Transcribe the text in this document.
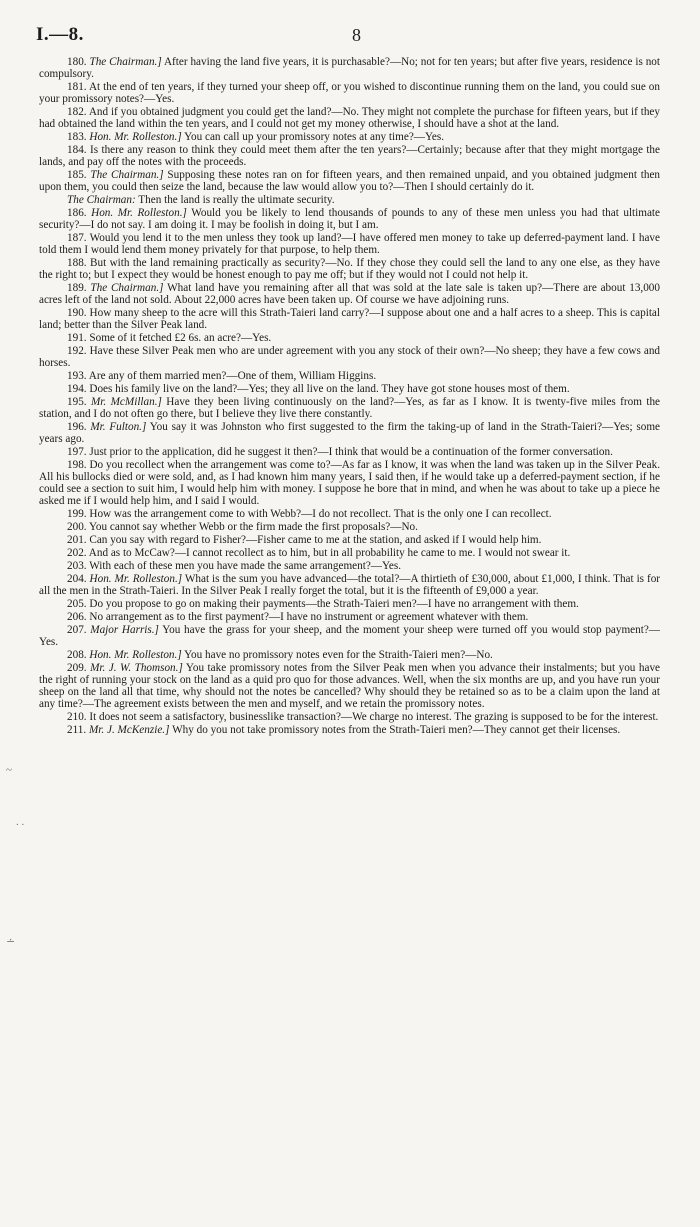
I.—8.	8
~
. .
∸

180. The Chairman.] After having the land five years, it is purchasable?—No; not for ten years; but after five years, residence is not compulsory.

181. At the end of ten years, if they turned your sheep off, or you wished to discontinue running them on the land, you could sue on your promissory notes?—Yes.

182. And if you obtained judgment you could get the land?—No. They might not complete the purchase for fifteen years, but if they had obtained the land within the ten years, and I could not get my money otherwise, I should have a shot at the land.

183. Hon. Mr. Rolleston.] You can call up your promissory notes at any time?—Yes.

184. Is there any reason to think they could meet them after the ten years?—Certainly; because after that they might mortgage the lands, and pay off the notes with the proceeds.

185. The Chairman.] Supposing these notes ran on for fifteen years, and then remained unpaid, and you obtained judgment then upon them, you could then seize the land, because the law would allow you to?—Then I should certainly do it.

The Chairman: Then the land is really the ultimate security.

186. Hon. Mr. Rolleston.] Would you be likely to lend thousands of pounds to any of these men unless you had that ultimate security?—I do not say. I am doing it. I may be foolish in doing it, but I am.

187. Would you lend it to the men unless they took up land?—I have offered men money to take up deferred-payment land. I have told them I would lend them money privately for that purpose, to help them.

188. But with the land remaining practically as security?—No. If they chose they could sell the land to any one else, as they have the right to; but I expect they would be honest enough to pay me off; but if they would not I could not help it.

189. The Chairman.] What land have you remaining after all that was sold at the late sale is taken up?—There are about 13,000 acres left of the land not sold. About 22,000 acres have been taken up. Of course we have adjoining runs.

190. How many sheep to the acre will this Strath-Taieri land carry?—I suppose about one and a half acres to a sheep. This is capital land; better than the Silver Peak land.

191. Some of it fetched £2 6s. an acre?—Yes.

192. Have these Silver Peak men who are under agreement with you any stock of their own?—No sheep; they have a few cows and horses.

193. Are any of them married men?—One of them, William Higgins.

194. Does his family live on the land?—Yes; they all live on the land. They have got stone houses most of them.

195. Mr. McMillan.] Have they been living continuously on the land?—Yes, as far as I know. It is twenty-five miles from the station, and I do not often go there, but I believe they live there constantly.

196. Mr. Fulton.] You say it was Johnston who first suggested to the firm the taking-up of land in the Strath-Taieri?—Yes; some years ago.

197. Just prior to the application, did he suggest it then?—I think that would be a continuation of the former conversation.

198. Do you recollect when the arrangement was come to?—As far as I know, it was when the land was taken up in the Silver Peak. All his bullocks died or were sold, and, as I had known him many years, I said then, if he would take up a deferred-payment section, if he could see a section to suit him, I would help him with money. I suppose he bore that in mind, and when he was about to take up a piece he asked me if I would help him, and I said I would.

199. How was the arrangement come to with Webb?—I do not recollect. That is the only one I can recollect.

200. You cannot say whether Webb or the firm made the first proposals?—No.

201. Can you say with regard to Fisher?—Fisher came to me at the station, and asked if I would help him.

202. And as to McCaw?—I cannot recollect as to him, but in all probability he came to me. I would not swear it.

203. With each of these men you have made the same arrangement?—Yes.

204. Hon. Mr. Rolleston.] What is the sum you have advanced—the total?—A thirtieth of £30,000, about £1,000, I think. That is for all the men in the Strath-Taieri. In the Silver Peak I really forget the total, but it is the fifteenth of £9,000 a year.

205. Do you propose to go on making their payments—the Strath-Taieri men?—I have no arrangement with them.

206. No arrangement as to the first payment?—I have no instrument or agreement whatever with them.

207. Major Harris.] You have the grass for your sheep, and the moment your sheep were turned off you would stop payment?—Yes.

208. Hon. Mr. Rolleston.] You have no promissory notes even for the Straith-Taieri men?—No.

209. Mr. J. W. Thomson.] You take promissory notes from the Silver Peak men when you advance their instalments; but you have the right of running your stock on the land as a quid pro quo for those advances. Well, when the six months are up, and you have run your sheep on the land all that time, why should not the notes be cancelled? Why should they be retained so as to be a claim upon the land at any time?—The agreement exists between the men and myself, and we retain the promissory notes.

210. It does not seem a satisfactory, businesslike transaction?—We charge no interest. The grazing is supposed to be for the interest.

211. Mr. J. McKenzie.] Why do you not take promissory notes from the Strath-Taieri men?—They cannot get their licenses.
